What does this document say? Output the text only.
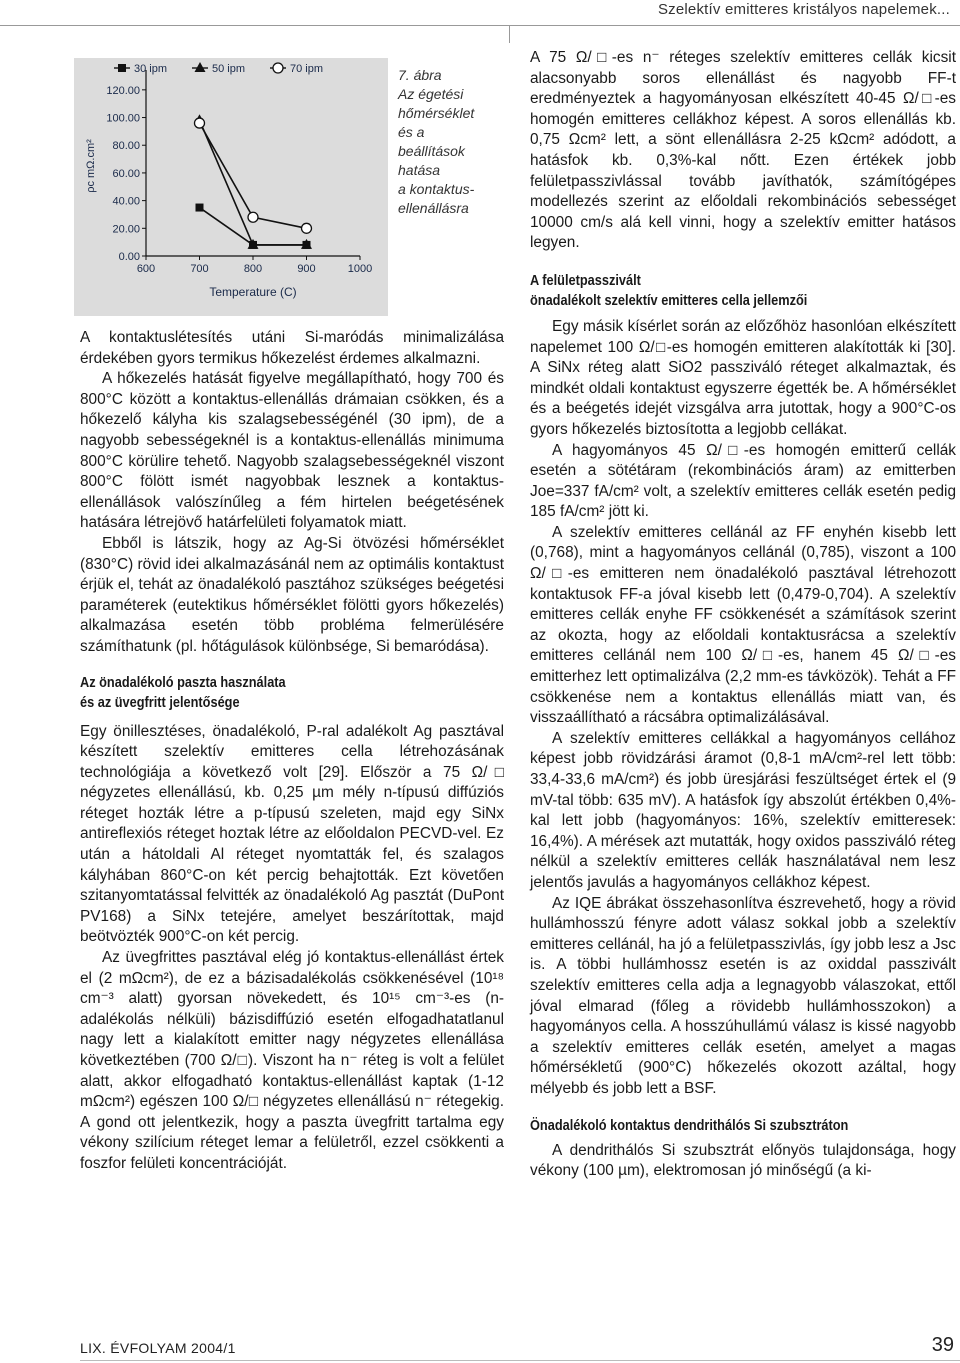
Szelektív emitteres kristályos napelemek...
0.00
20.00
40.00
60.00
80.00
100.00
120.00
600	700	800	900	1000
Temperature (C)
ρc mΩ.cm²
30 ipm	50 ipm	70 ipm	7. ábra
Az égetési
hőmérséklet
és a
beállítások
hatása
a kontaktus-
ellenállásra

A kontaktuslétesítés utáni Si-maródás minimalizálása érdekében gyors termikus hőkezelést érdemes alkalmazni.

A hőkezelés hatását figyelve megállapítható, hogy 700 és 800°C között a kontaktus-ellenállás drámaian csökken, és a hőkezelő kályha kis szalagsebességénél (30 ipm), de a nagyobb sebességeknél is a kontaktus-ellenállás minimuma 800°C körülire tehető. Nagyobb szalagsebességeknél viszont 800°C fölött ismét nagyobbak lesznek a kontaktus-ellenállások valószínűleg a fém hirtelen beégetésének hatására létrejövő határfelületi folyamatok miatt.

Ebből is látszik, hogy az Ag-Si ötvözési hőmérséklet (830°C) rövid idei alkalmazásánál nem az optimális kontaktust érjük el, tehát az önadalékoló pasztához szükséges beégetési paraméterek (eutektikus hőmérséklet fölötti gyors hőkezelés) alkalmazása esetén több probléma felmerülésére számíthatunk (pl. hőtágulások különbsége, Si bemaródása).

Az önadalékoló paszta használata
és az üvegfritt jelentősége

Egy önillesztéses, önadalékoló, P-ral adalékolt Ag pasztával készített szelektív emitteres cella létrehozásának technológiája a következő volt [29]. Először a 75 Ω/□ négyzetes ellenállású, kb. 0,25 µm mély n-típusú diffúziós réteget hozták létre a p-típusú szeleten, majd egy SiNx antireflexiós réteget hoztak létre az előoldalon PECVD-vel. Ez után a hátoldali Al réteget nyomtatták fel, és szalagos kályhában 860°C-on két percig behajtották. Ezt követően szitanyomtatással felvitték az önadalékoló Ag pasztát (DuPont PV168) a SiNx tetejére, amelyet beszárítottak, majd beötvözték 900°C-on két percig.

Az üvegfrittes pasztával elég jó kontaktus-ellenállást értek el (2 mΩcm²), de ez a bázisadalékolás csökkenésével (10¹⁸ cm⁻³ alatt) gyorsan növekedett, és 10¹⁵ cm⁻³-es (n-adalékolás nélküli) bázisdiffúzió esetén elfogadhatatlanul nagy lett a kialakított emitter nagy négyzetes ellenállása következtében (700 Ω/□). Viszont ha n⁻ réteg is volt a felület alatt, akkor elfogadható kontaktus-ellenállást kaptak (1-12 mΩcm²) egészen 100 Ω/□ négyzetes ellenállású n⁻ rétegekig. A gond ott jelentkezik, hogy a paszta üvegfritt tartalma egy vékony szilícium réteget lemar a felületről, ezzel csökkenti a foszfor felületi koncentrációját.

A 75 Ω/□-es n⁻ réteges szelektív emitteres cellák kicsit alacsonyabb soros ellenállást és nagyobb FF-t eredményeztek a hagyományosan elkészített 40-45 Ω/□-es homogén emitteres cellákhoz képest. A soros ellenállás kb. 0,75 Ωcm² lett, a sönt ellenállásra 2-25 kΩcm² adódott, a hatásfok kb. 0,3%-kal nőtt. Ezen értékek jobb felületpasszivlással tovább javíthatók, számítógépes modellezés szerint az előoldali rekombinációs sebességet 10000 cm/s alá kell vinni, hogy a szelektív emitter hatásos legyen.

A felületpasszivált
önadalékolt szelektív emitteres cella jellemzői

Egy másik kísérlet során az előzőhöz hasonlóan elkészített napelemet 100 Ω/□-es homogén emitteren alakították ki [30]. A SiNx réteg alatt SiO2 passziváló réteget alkalmaztak, és mindkét oldali kontaktust egyszerre égették be. A hőmérséklet és a beégetés idejét vizsgálva arra jutottak, hogy a 900°C-os gyors hőkezelés biztosította a legjobb cellákat.

A hagyományos 45 Ω/□-es homogén emitterű cellák esetén a sötétáram (rekombinációs áram) az emitterben Joe=337 fA/cm² volt, a szelektív emitteres cellák esetén pedig 185 fA/cm² jött ki.

A szelektív emitteres cellánál az FF enyhén kisebb lett (0,768), mint a hagyományos cellánál (0,785), viszont a 100 Ω/□-es emitteren nem önadalékoló pasztával létrehozott kontaktusok FF-a jóval kisebb lett (0,479-0,704). A szelektív emitteres cellák enyhe FF csökkenését a számítások szerint az okozta, hogy az előoldali kontaktusrácsa a szelektív emitteres cellánál nem 100 Ω/□-es, hanem 45 Ω/□-es emitterhez lett optimalizálva (2,2 mm-es távközök). Tehát a FF csökkenése nem a kontaktus ellenállás miatt van, és visszaállítható a rácsábra optimalizálásával.

A szelektív emitteres cellákkal a hagyományos cellához képest jobb rövidzárási áramot (0,8-1 mA/cm²-rel lett több: 33,4-33,6 mA/cm²) és jobb üresjárási feszültséget értek el (9 mV-tal több: 635 mV). A hatásfok így abszolút értékben 0,4%-kal lett jobb (hagyományos: 16%, szelektív emitteresek: 16,4%). A mérések azt mutatták, hogy oxidos passziváló réteg nélkül a szelektív emitteres cellák használatával nem lesz jelentős javulás a hagyományos cellákhoz képest.

Az IQE ábrákat összehasonlítva észrevehető, hogy a rövid hullámhosszú fényre adott válasz sokkal jobb a szelektív emitteres cellánál, ha jó a felületpasszivlás, így jobb lesz a Jsc is. A többi hullámhossz esetén is az oxiddal passzivált szelektív emitteres cella adja a legnagyobb válaszokat, ettől jóval elmarad (főleg a rövidebb hullámhosszokon) a hagyományos cella. A hosszúhullámú válasz is kissé nagyobb a szelektív emitteres cellák esetén, amelyet a magas hőmérsékletű (900°C) hőkezelés okozott azáltal, hogy mélyebb és jobb lett a BSF.

Önadalékoló kontaktus dendrithálós Si szubsztráton

A dendrithálós Si szubsztrát előnyös tulajdonsága, hogy vékony (100 µm), elektromosan jó minőségű (a ki-

LIX. ÉVFOLYAM 2004/1	39
